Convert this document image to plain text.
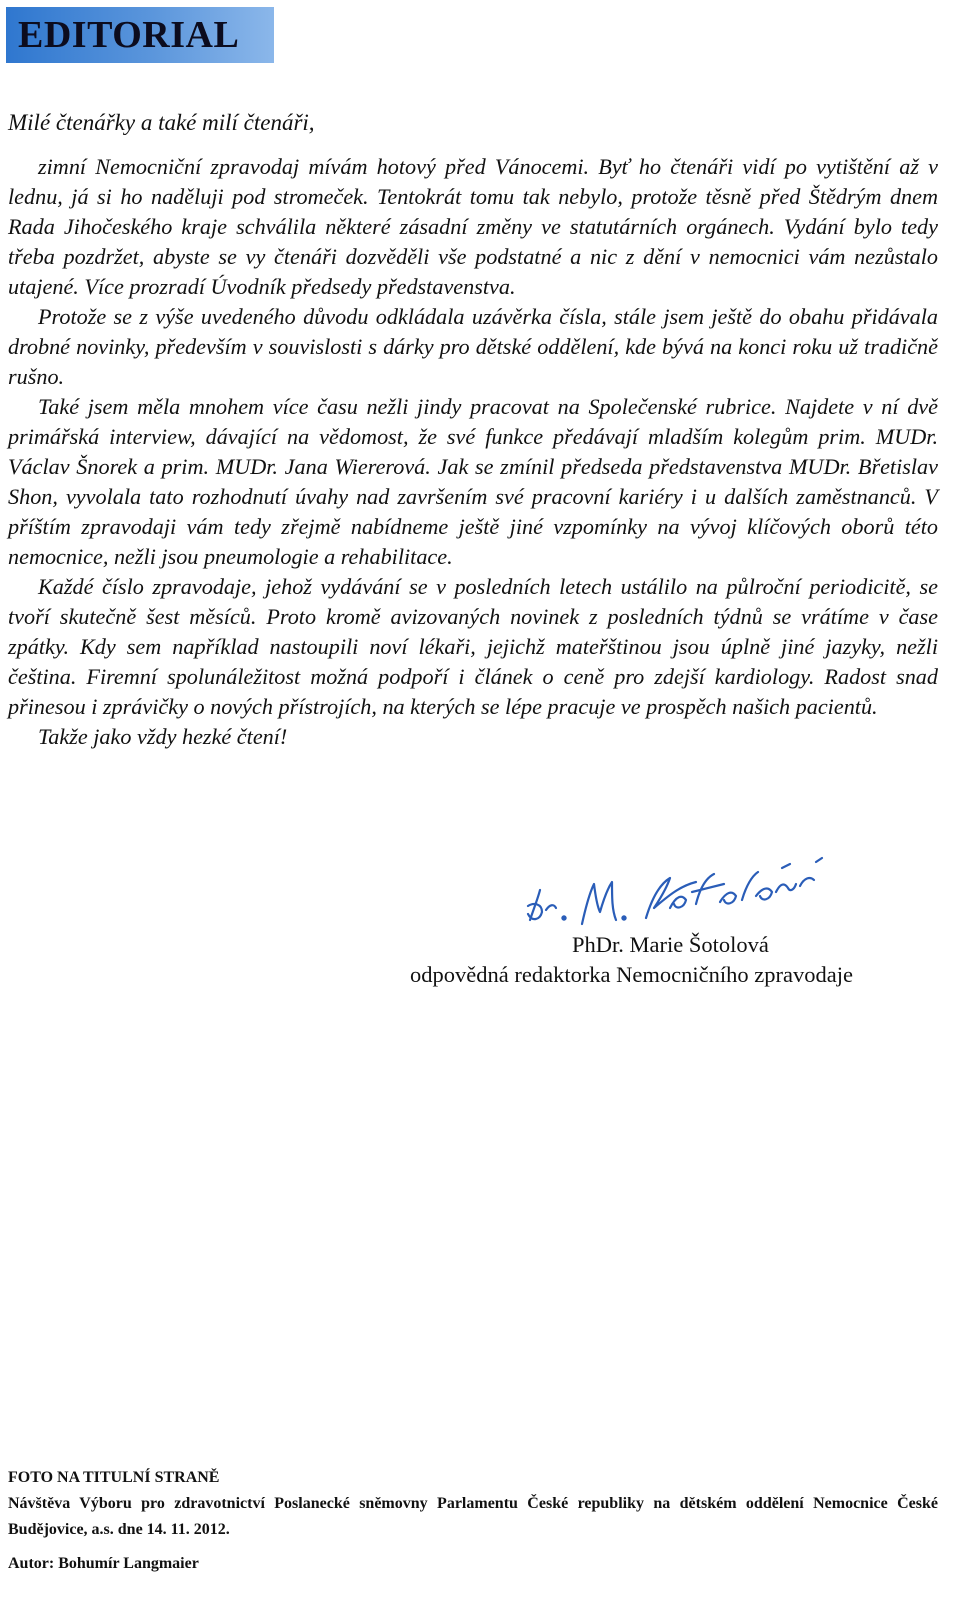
EDITORIAL
Milé čtenářky a také milí čtenáři,

zimní Nemocniční zpravodaj mívám hotový před Vánocemi. Byť ho čtenáři vidí po vytištění až v lednu, já si ho naděluji pod stromeček. Tentokrát tomu tak nebylo, protože těsně před Štědrým dnem Rada Jihočeského kraje schválila některé zásadní změny ve statutárních orgánech. Vydání bylo tedy třeba pozdržet, abyste se vy čtenáři dozvěděli vše podstatné a nic z dění v nemocnici vám nezůstalo utajené. Více prozradí Úvodník předsedy představenstva.

Protože se z výše uvedeného důvodu odkládala uzávěrka čísla, stále jsem ještě do obahu přidávala drobné novinky, především v souvislosti s dárky pro dětské oddělení, kde bývá na konci roku už tradičně rušno.

Také jsem měla mnohem více času nežli jindy pracovat na Společenské rubrice. Najdete v ní dvě primářská interview, dávající na vědomost, že své funkce předávají mladším kolegům prim. MUDr. Václav Šnorek a prim. MUDr. Jana Wiererová. Jak se zmínil předseda představenstva MUDr. Břetislav Shon, vyvolala tato rozhodnutí úvahy nad završením své pracovní kariéry i u dalších zaměstnanců. V příštím zpravodaji vám tedy zřejmě nabídneme ještě jiné vzpomínky na vývoj klíčových oborů této nemocnice, nežli jsou pneumologie a rehabilitace.

Každé číslo zpravodaje, jehož vydávání se v posledních letech ustálilo na půlroční periodicitě, se tvoří skutečně šest měsíců. Proto kromě avizovaných novinek z posledních týdnů se vrátíme v čase zpátky. Kdy sem například nastoupili noví lékaři, jejichž mateřštinou jsou úplně jiné jazyky, nežli čeština. Firemní spolunáležitost možná podpoří i článek o ceně pro zdejší kardiology. Radost snad přinesou i zprávičky o nových přístrojích, na kterých se lépe pracuje ve prospěch našich pacientů.

Takže jako vždy hezké čtení!

PhDr. Marie Šotolová
odpovědná redaktorka Nemocničního zpravodaje
FOTO NA TITULNÍ STRANĚ
Návštěva Výboru pro zdravotnictví Poslanecké sněmovny Parlamentu České republiky na dětském oddělení Nemocnice České Budějovice, a.s. dne 14. 11. 2012.
Autor: Bohumír Langmaier
